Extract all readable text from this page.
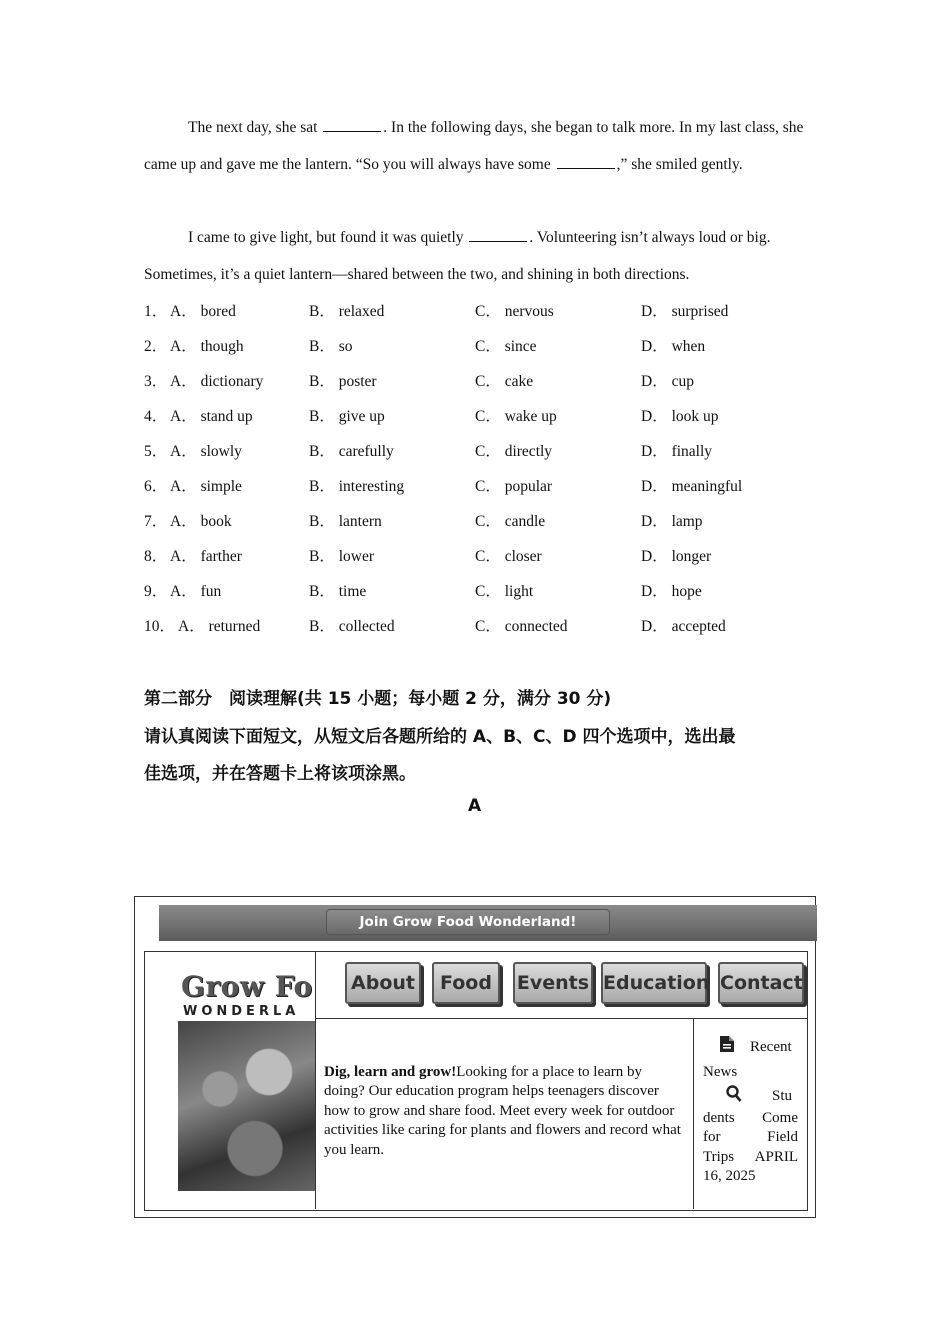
The next day, she sat	. In the following days, she began to talk more. In my last class, she came up and gave me the lantern. “So you will always have some	,” she smiled gently.
I came to give light, but found it was quietly	. Volunteering isn’t always loud or big. Sometimes, it’s a quiet lantern—shared between the two, and shining in both directions.
1． A． bored	B． relaxed	C． nervous	D． surprised
2． A． though	B． so	C． since	D． when
3． A． dictionary	B． poster	C． cake	D． cup
4． A． stand up	B． give up	C． wake up	D． look up
5． A． slowly	B． carefully	C． directly	D． finally
6． A． simple	B． interesting	C． popular	D． meaningful
7． A． book	B． lantern	C． candle	D． lamp
8． A． farther	B． lower	C． closer	D． longer
9． A． fun	B． time	C． light	D． hope
10． A． returned	B． collected	C． connected	D． accepted
第二部分　阅读理解(共 15 小题；每小题 2 分，满分 30 分)
请认真阅读下面短文，从短文后各题所给的 A、B、C、D 四个选项中，选出最
佳选项，并在答题卡上将该项涂黑。
A
Join Grow Food Wonderland!
Grow Fo
WONDERLA
About	Food	Events Education Contact
Dig, learn and grow!Looking for a place to learn by doing? Our education program helps teenagers discover how to grow and share food. Meet every week for outdoor activities like caring for plants and flowers and record what you learn.
Recent
News
Stu
dents Come
for Field
Trips APRIL
16, 2025
